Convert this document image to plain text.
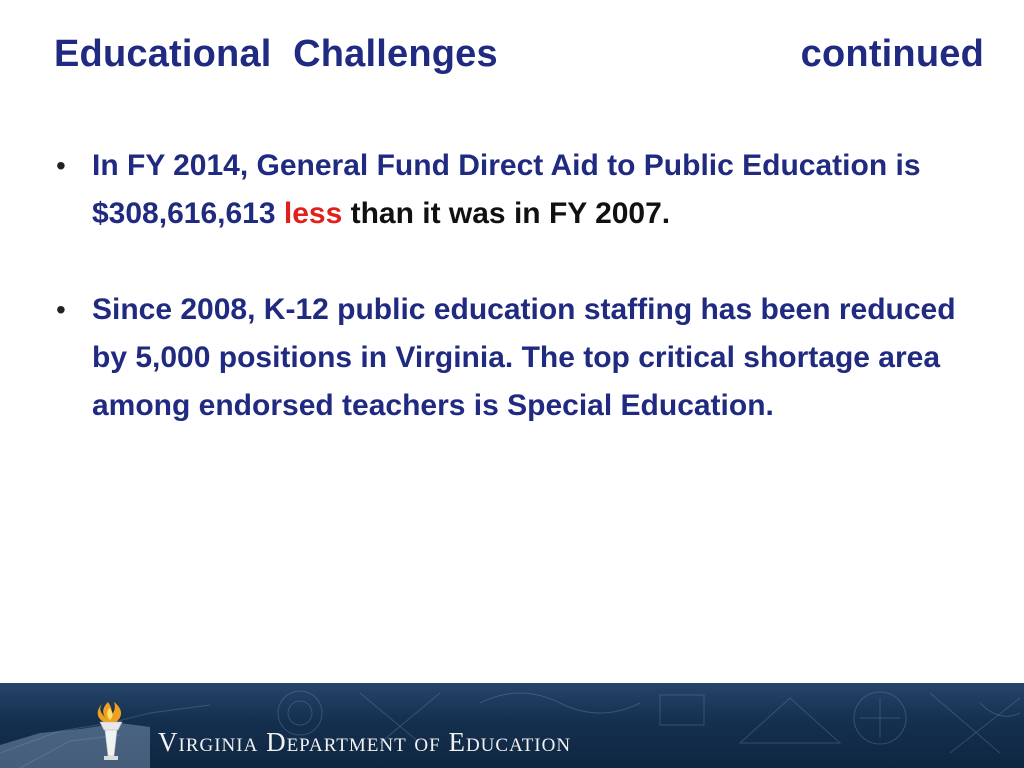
Educational  Challenges	continued
• In FY 2014, General Fund Direct Aid to Public Education is $308,616,613 less than it was in FY 2007.
• Since 2008, K-12 public education staffing has been reduced by 5,000 positions in Virginia. The top critical shortage area among endorsed teachers is Special Education.
Virginia Department of Education
